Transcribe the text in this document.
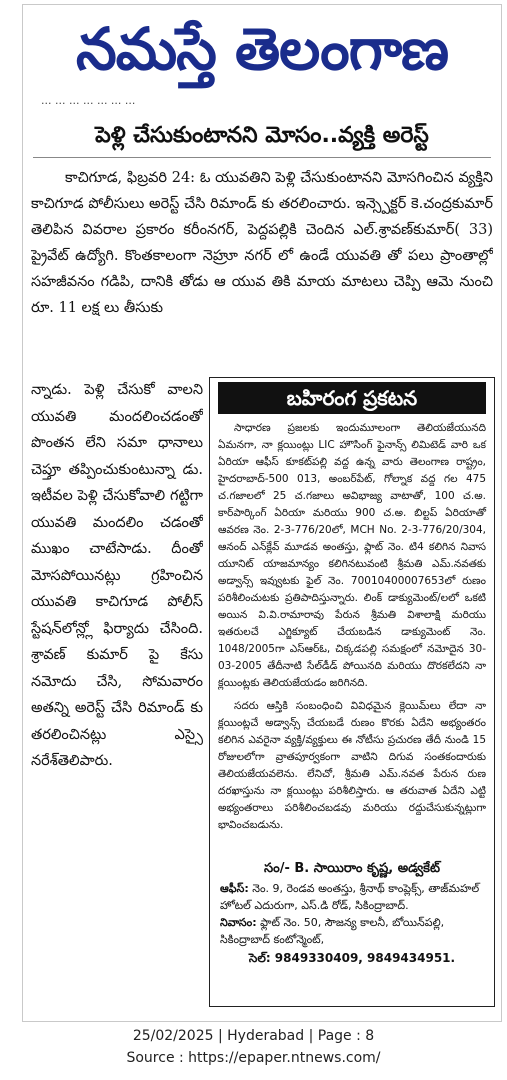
నమస్తే తెలంగాణ
... ... ... ... ... ... ...
పెళ్లి చేసుకుంటానని మోసం..వ్యక్తి అరెస్ట్

కాచిగూడ, ఫిబ్రవరి 24: ఓ యువతిని పెళ్లి చేసుకుంటానని మోసగించిన వ్యక్తిని కాచిగూడ పోలీసులు అరెస్ట్ చేసి రిమాండ్ కు తరలించారు. ఇన్స్పెక్టర్ కె.చంద్రకుమార్ తెలిపిన వివరాల ప్రకారం కరీంనగర్, పెద్దపల్లికి చెందిన ఎల్.శ్రావణ్‌కుమార్( 33) ప్రైవేట్ ఉద్యోగి. కొంతకాలంగా నెహ్రూ నగర్ లో ఉండే యువతి తో పలు ప్రాంతాల్లో సహజీవనం గడిపి, దానికి తోడు ఆ యువ తికి మాయ మాటలు చెప్పి ఆమె నుంచి రూ. 11 లక్ష లు తీసుకు

న్నాడు. పెళ్లి చేసుకో వాలని యువతి మందలించడంతో పొంతన లేని సమా ధానాలు చెప్తూ తప్పించుకుంటున్నా డు. ఇటీవల పెళ్లి చేసుకోవాలి గట్టిగా యువతి మందలిం చడంతో ముఖం చాటేసాడు. దీంతో మోసపోయినట్లు గ్రహించిన యువతి కాచిగూడ పోలీస్ స్టేషన్‌లోన్ల్లో ఫిర్యాదు చేసింది. శ్రావణ్ కుమార్ పై కేసు నమోదు చేసి, సోమవారం అతన్ని అరెస్ట్ చేసి రిమాండ్ కు తరలించినట్లు ఎస్సై నరేశ్‌తెలిపారు.

బహిరంగ ప్రకటన

సాధారణ ప్రజలకు ఇందుమూలంగా తెలియజేయునది ఏమనగా, నా క్లయింట్లు LIC హౌసింగ్ ఫైనాన్స్ లిమిటెడ్ వారి ఒక ఏరియా ఆఫీస్ కూకట్‌పల్లి వద్ద ఉన్న వారు తెలంగాణ రాష్ట్రం, హైదరాబాద్-500 013, అంబర్‌పేట్, గోల్నాక వద్ద గల 475 చ.గజాలలో 25 చ.గజాలు అవిభాజ్య వాటాతో, 100 చ.అ. కార్‌పార్కింగ్ ఏరియా మరియు 900 చ.అ. బిల్టప్ ఏరియాతో ఆవరణ నెం. 2-3-776/20లో, MCH No. 2-3-776/20/304, ఆనంద్ ఎన్‌క్లేవ్ మూడవ అంతస్తు, ఫ్లాట్ నెం. టి4 కలిగిన నివాస యూనిట్ యాజమాన్యం కలిగినటువంటి శ్రీమతి ఎమ్.నవతకు అడ్వాన్స్ ఇవ్వుటకు ఫైల్ నెం. 70010400007653లో రుణం పరిశీలించుటకు ప్రతిపాదిస్తున్నారు. లింక్ డాక్యుమెంట్/లలో ఒకటి అయిన వి.వి.రామారావు పేరున శ్రీమతి విశాలాక్షి మరియు ఇతరులచే ఎగ్జిక్యూట్ చేయబడిన డాక్యుమెంట్ నెం. 1048/2005గా ఎస్ఆర్ఓ, చిక్కడపల్లి సమక్షంలో నమోదైన 30-03-2005 తేదీనాటి సేల్‌డీడ్ పోయినది మరియు దొరకలేదని నా క్లయింట్లకు తెలియజేయడం జరిగినది.

సదరు ఆస్తికి సంబంధించి వివిధమైన క్లెయిమ్‌లు లేదా నా క్లయింట్లచే అడ్వాన్స్ చేయబడే రుణం కొరకు ఏదేని అభ్యంతరం కలిగిన ఎవరైనా వ్యక్తి/వ్యక్తులు ఈ నోటీసు ప్రచురణ తేదీ నుండి 15 రోజులలోగా వ్రాతపూర్వకంగా వాటిని దిగువ సంతకందారుకు తెలియజేయవలెను. లేనిచో, శ్రీమతి ఎమ్.నవత పేరున రుణ దరఖాస్తును నా క్లయింట్లు పరిశీలిస్తారు. ఆ తరువాత ఏదేని ఎట్టి అభ్యంతరాలు పరిశీలించబడవు మరియు రద్దుచేసుకున్నట్లుగా భావించబడును.

సం/- B. సాయిరాం కృష్ణ, అడ్వకేట్
ఆఫీస్: నెం. 9, రెండవ అంతస్తు, శ్రీనాథ్ కాంప్లెక్స్, తాజ్‌మహల్ హోటల్ ఎదురుగా, ఎస్.డి రోడ్, సికింద్రాబాద్.
నివాసం: ఫ్లాట్ నెం. 50, సౌజన్య కాలనీ, బోయిన్‌పల్లి, సికింద్రాబాద్ కంటోన్మెంట్,
సెల్: 9849330409, 9849434951.
25/02/2025 | Hyderabad | Page : 8
Source : https://epaper.ntnews.com/
